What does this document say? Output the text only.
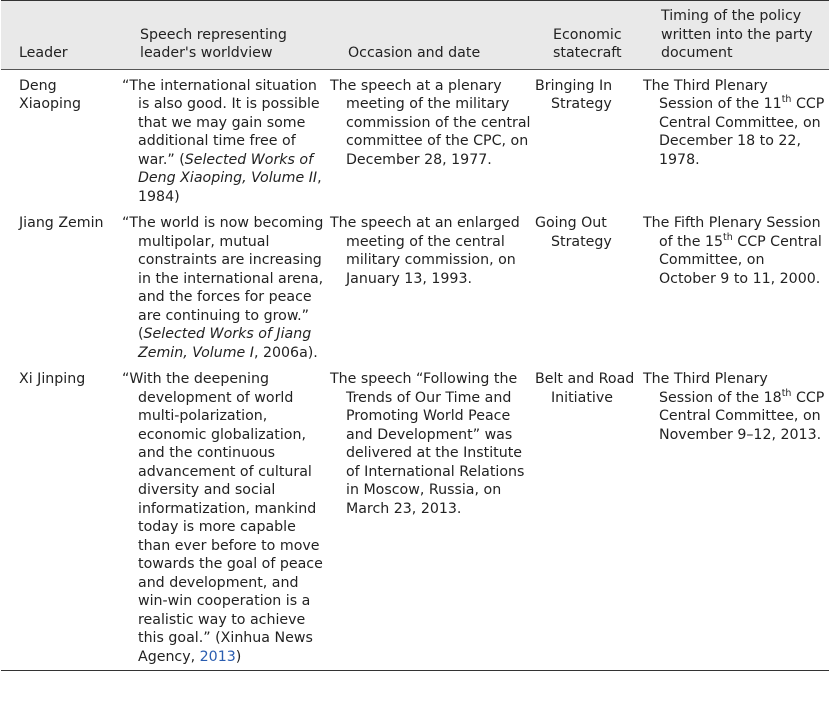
Leader	Speech representing leader's worldview	Occasion and date	Economic statecraft	Timing of the policy written into the party document
Deng Xiaoping	“The international situation is also good. It is possible that we may gain some additional time free of war.” (Selected Works of Deng Xiaoping, Volume II, 1984)	The speech at a plenary meeting of the military commission of the central committee of the CPC, on December 28, 1977.	Bringing In Strategy	The Third Plenary Session of the 11th CCP Central Committee, on December 18 to 22, 1978.
Jiang Zemin	“The world is now becoming multipolar, mutual constraints are increasing in the international arena, and the forces for peace are continuing to grow.” (Selected Works of Jiang Zemin, Volume I, 2006a).	The speech at an enlarged meeting of the central military commission, on January 13, 1993.	Going Out Strategy	The Fifth Plenary Session of the 15th CCP Central Committee, on October 9 to 11, 2000.
Xi Jinping	“With the deepening development of world multi-polarization, economic globalization, and the continuous advancement of cultural diversity and social informatization, mankind today is more capable than ever before to move towards the goal of peace and development, and win-win cooperation is a realistic way to achieve this goal.” (Xinhua News Agency, 2013)	The speech “Following the Trends of Our Time and Promoting World Peace and Development” was delivered at the Institute of International Relations in Moscow, Russia, on March 23, 2013.	Belt and Road Initiative	The Third Plenary Session of the 18th CCP Central Committee, on November 9–12, 2013.
